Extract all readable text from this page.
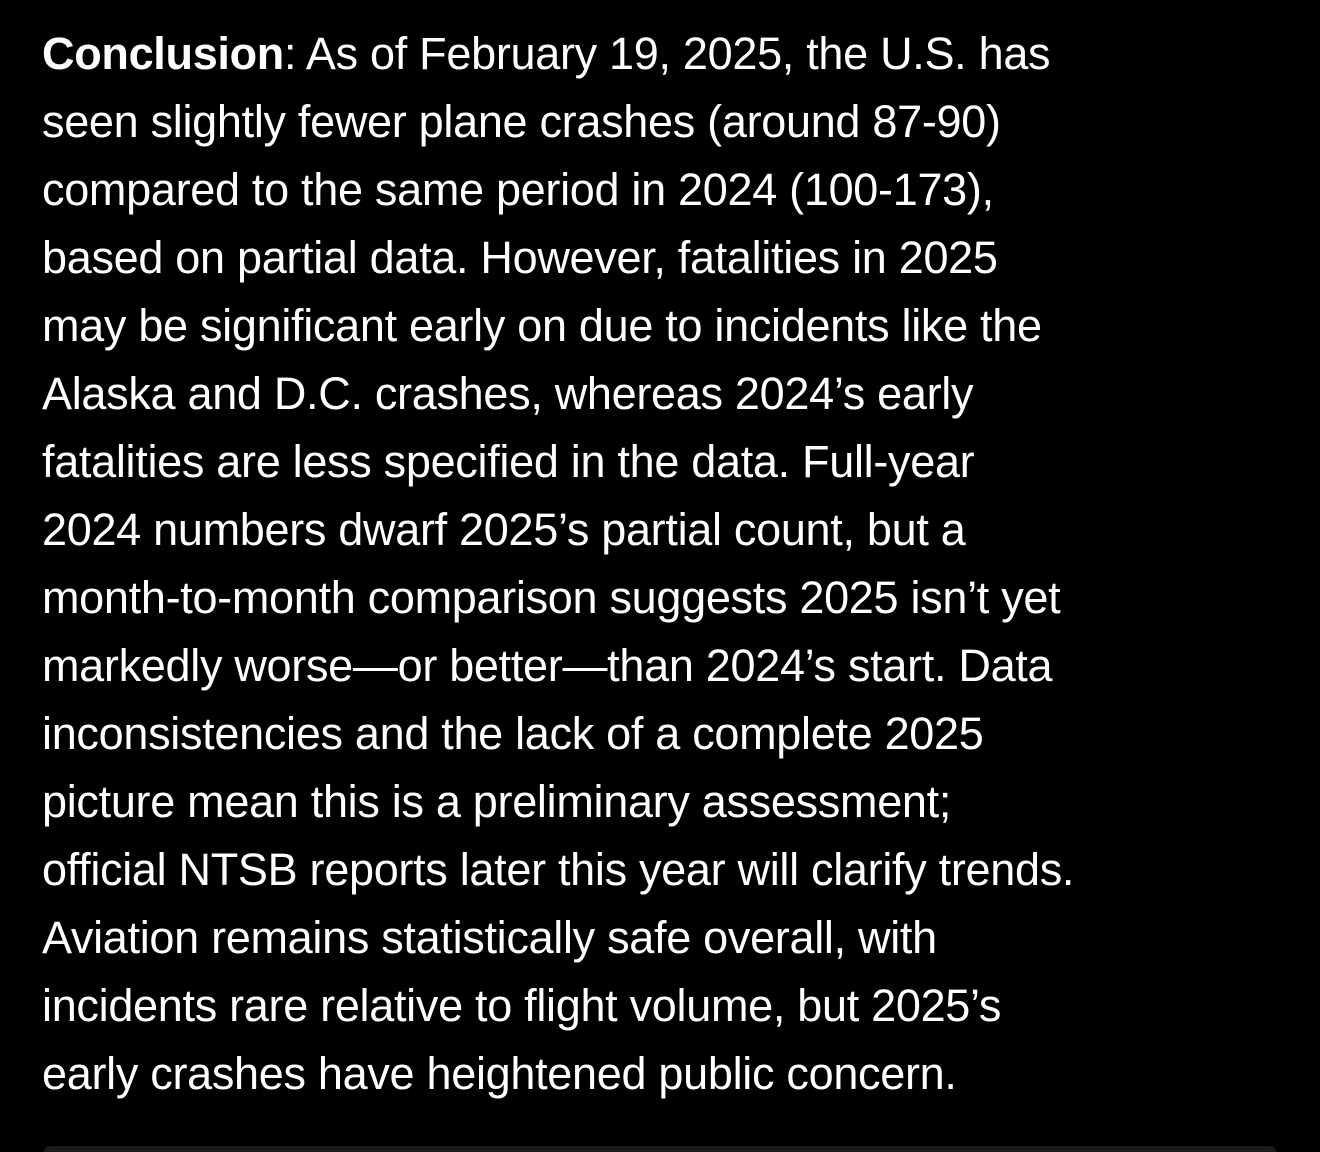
Conclusion: As of February 19, 2025, the U.S. has
seen slightly fewer plane crashes (around 87-90)
compared to the same period in 2024 (100-173),
based on partial data. However, fatalities in 2025
may be significant early on due to incidents like the
Alaska and D.C. crashes, whereas 2024’s early
fatalities are less specified in the data. Full-year
2024 numbers dwarf 2025’s partial count, but a
month-to-month comparison suggests 2025 isn’t yet
markedly worse—or better—than 2024’s start. Data
inconsistencies and the lack of a complete 2025
picture mean this is a preliminary assessment;
official NTSB reports later this year will clarify trends.
Aviation remains statistically safe overall, with
incidents rare relative to flight volume, but 2025’s
early crashes have heightened public concern.
